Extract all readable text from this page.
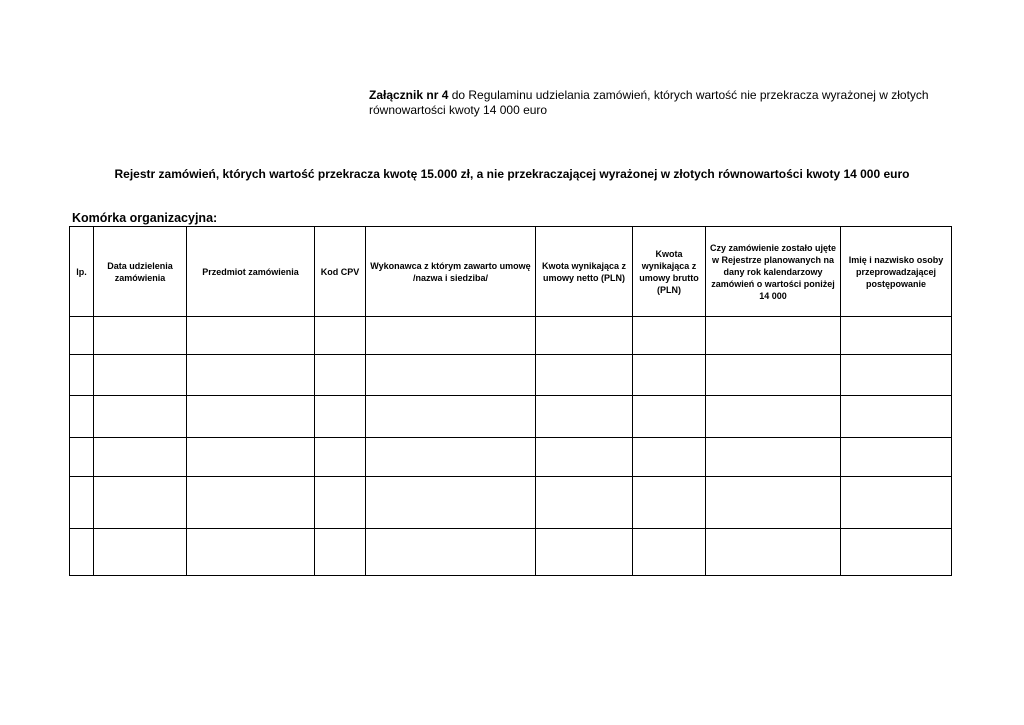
Załącznik nr 4 do Regulaminu udzielania zamówień, których wartość nie przekracza wyrażonej w złotych równowartości kwoty 14 000 euro
Rejestr zamówień, których wartość przekracza kwotę 15.000 zł, a nie przekraczającej wyrażonej w złotych równowartości kwoty 14 000 euro
Komórka organizacyjna:
lp.	Data udzielenia zamówienia	Przedmiot zamówienia	Kod CPV	Wykonawca z którym zawarto umowę /nazwa i siedziba/	Kwota wynikająca z umowy netto (PLN)	Kwota wynikająca z umowy brutto (PLN)	Czy zamówienie zostało ujęte w Rejestrze planowanych na dany rok kalendarzowy zamówień o wartości poniżej 14 000	Imię i nazwisko osoby przeprowadzającej postępowanie
